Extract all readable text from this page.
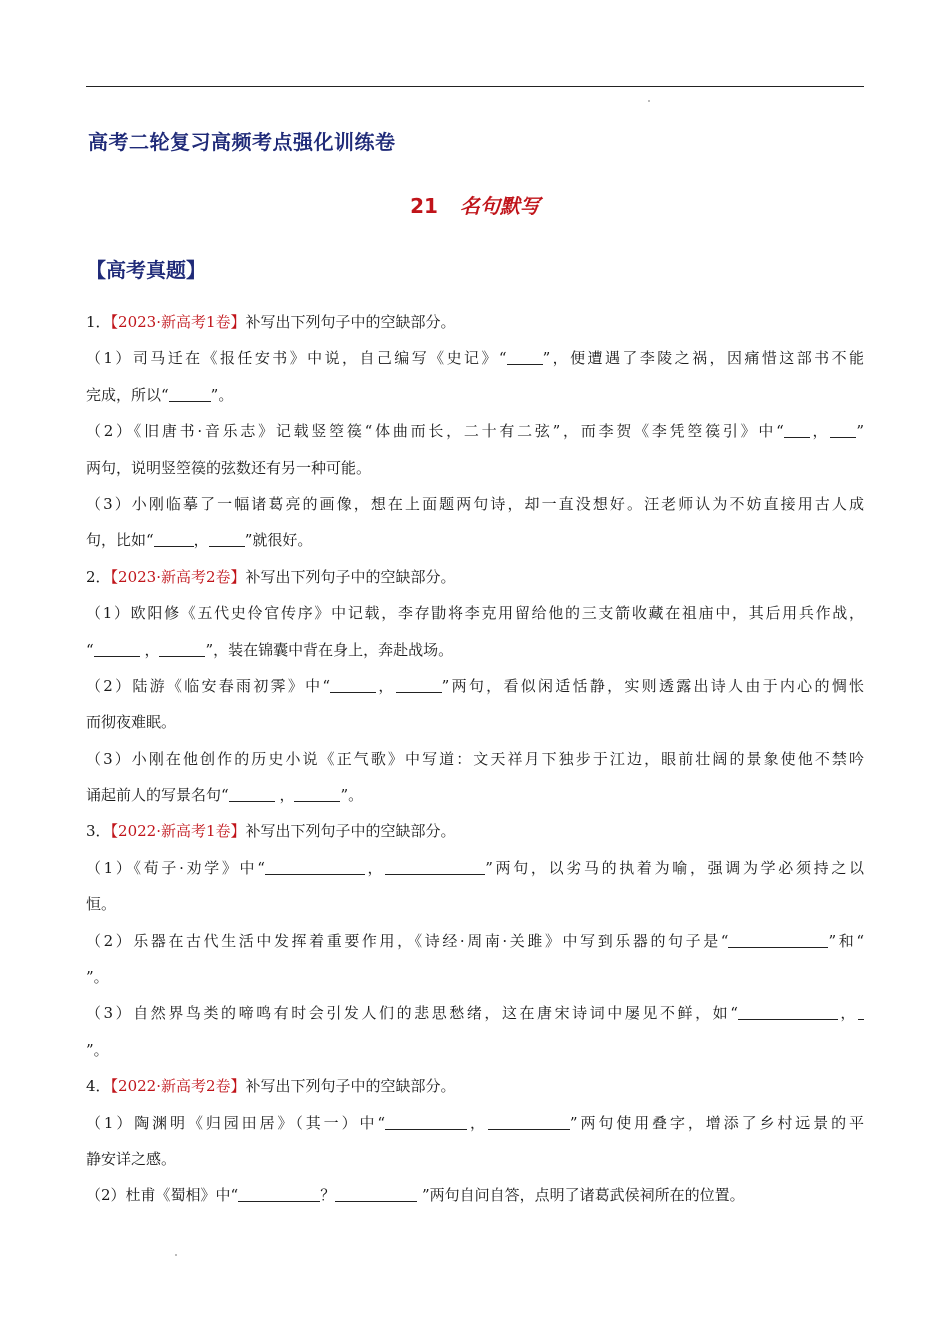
高考二轮复习高频考点强化训练卷
21 名句默写
【高考真题】
1．【2023·新高考1卷】补写出下列句子中的空缺部分。
（1）司马迁在《报任安书》中说，自己编写《史记》“ ”，便遭遇了李陵之祸，因痛惜这部书不能
完成，所以“	”。
（2）《旧唐书·音乐志》记载竖箜篌“体曲而长，二十有二弦”，而李贺《李凭箜篌引》中“ ， ”
两句，说明竖箜篌的弦数还有另一种可能。
（3）小刚临摹了一幅诸葛亮的画像，想在上面题两句诗，却一直没想好。汪老师认为不妨直接用古人成
句，比如“	， ”就很好。
2．【2023·新高考2卷】补写出下列句子中的空缺部分。
（1）欧阳修《五代史伶官传序》中记载，李存勖将李克用留给他的三支箭收藏在祖庙中，其后用兵作战，
“	，	”，装在锦囊中背在身上，奔赴战场。
（2）陆游《临安春雨初霁》中“	，	”两句，看似闲适恬静，实则透露出诗人由于内心的惆怅
而彻夜难眠。
（3）小刚在他创作的历史小说《正气歌》中写道：文天祥月下独步于江边，眼前壮阔的景象使他不禁吟
诵起前人的写景名句“	，	”。
3．【2022·新高考1卷】补写出下列句子中的空缺部分。
（1）《荀子·劝学》中“	，	”两句，以劣马的执着为喻，强调为学必须持之以
恒。
（2）乐器在古代生活中发挥着重要作用，《诗经·周南·关雎》中写到乐器的句子是“	”和“
”。
（3）自然界鸟类的啼鸣有时会引发人们的悲思愁绪，这在唐宋诗词中屡见不鲜，如“	，
”。
4．【2022·新高考2卷】补写出下列句子中的空缺部分。
（1）陶渊明《归园田居》（其一）中“	，	”两句使用叠字，增添了乡村远景的平
静安详之感。
（2）杜甫《蜀相》中“	？	”两句自问自答，点明了诸葛武侯祠所在的位置。
